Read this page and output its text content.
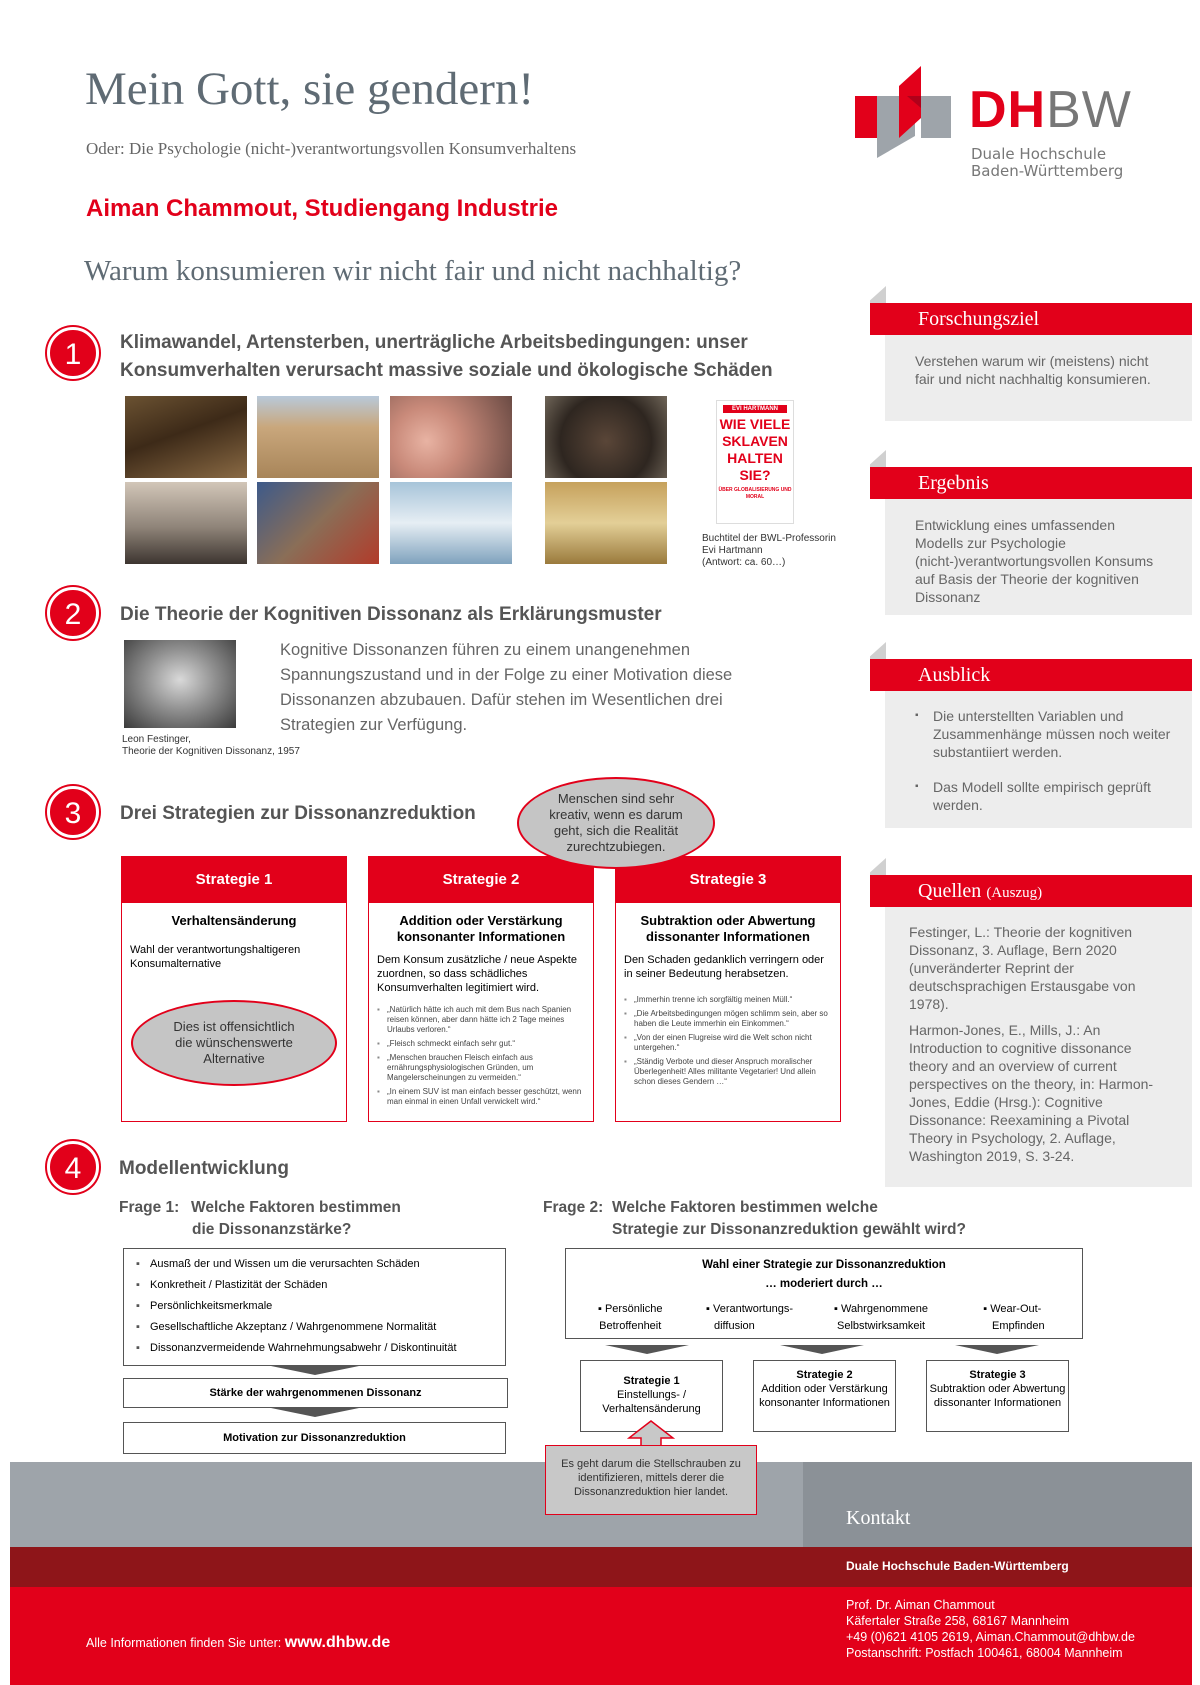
Mein Gott, sie gendern!
Oder: Die Psychologie (nicht-)verantwortungsvollen Konsumverhaltens
Aiman Chammout, Studiengang Industrie
Warum konsumieren wir nicht fair und nicht nachhaltig?
DHBW
Duale Hochschule
Baden-Württemberg
1	Klimawandel, Artensterben, unerträgliche Arbeitsbedingungen: unser
Konsumverhalten verursacht massive soziale und ökologische Schäden
EVI HARTMANN
WIE VIELE
SKLAVEN
HALTEN
SIE?
ÜBER GLOBALISIERUNG UND MORAL
Buchtitel der BWL-Professorin
Evi Hartmann
(Antwort: ca. 60…)
2	Die Theorie der Kognitiven Dissonanz als Erklärungsmuster
Leon Festinger,
Theorie der Kognitiven Dissonanz, 1957
Kognitive Dissonanzen führen zu einem unangenehmen Spannungszustand und in der Folge zu einer Motivation diese Dissonanzen abzubauen. Dafür stehen im Wesentlichen drei Strategien zur Verfügung.
3	Drei Strategien zur Dissonanzreduktion
Strategie 1
Verhaltensänderung
Wahl der verantwortungshaltigeren Konsumalternative
Dies ist offensichtlich die wünschenswerte Alternative
Strategie 2
Addition oder Verstärkung konsonanter Informationen
Dem Konsum zusätzliche / neue Aspekte zuordnen, so dass schädliches Konsumverhalten legitimiert wird.
▪ „Natürlich hätte ich auch mit dem Bus nach Spanien reisen können, aber dann hätte ich 2 Tage meines Urlaubs verloren.“
▪ „Fleisch schmeckt einfach sehr gut.“
▪ „Menschen brauchen Fleisch einfach aus ernährungsphysiologischen Gründen, um Mangelerscheinungen zu vermeiden.“
▪ „In einem SUV ist man einfach besser geschützt, wenn man einmal in einen Unfall verwickelt wird.“
Strategie 3
Subtraktion oder Abwertung dissonanter Informationen
Den Schaden gedanklich verringern oder in seiner Bedeutung herabsetzen.
▪ „Immerhin trenne ich sorgfältig meinen Müll.“
▪ „Die Arbeitsbedingungen mögen schlimm sein, aber so haben die Leute immerhin ein Einkommen.“
▪ „Von der einen Flugreise wird die Welt schon nicht untergehen.“
▪ „Ständig Verbote und dieser Anspruch moralischer Überlegenheit! Alles militante Vegetarier! Und allein schon dieses Gendern …“
Menschen sind sehr kreativ, wenn es darum geht, sich die Realität zurechtzubiegen.
4	Modellentwicklung
Frage 1: Welche Faktoren bestimmen
die Dissonanzstärke?
▪ Ausmaß der und Wissen um die verursachten Schäden
▪ Konkretheit / Plastizität der Schäden
▪ Persönlichkeitsmerkmale
▪ Gesellschaftliche Akzeptanz / Wahrgenommene Normalität
▪ Dissonanzvermeidende Wahrnehmungsabwehr / Diskontinuität
Stärke der wahrgenommenen Dissonanz
Motivation zur Dissonanzreduktion
Frage 2: Welche Faktoren bestimmen welche
Strategie zur Dissonanzreduktion gewählt wird?
Wahl einer Strategie zur Dissonanzreduktion
… moderiert durch …
▪ Persönliche
Betroffenheit
▪ Verantwortungs-
diffusion
▪ Wahrgenommene
Selbstwirksamkeit
▪ Wear-Out-
Empfinden
Strategie 1
Einstellungs- / Verhaltensänderung
Strategie 2
Addition oder Verstärkung konsonanter Informationen
Strategie 3
Subtraktion oder Abwertung dissonanter Informationen
Kontakt
Duale Hochschule Baden-Württemberg
Alle Informationen finden Sie unter: www.dhbw.de
Prof. Dr. Aiman Chammout
Käfertaler Straße 258, 68167 Mannheim
+49 (0)621 4105 2619, Aiman.Chammout@dhbw.de
Postanschrift: Postfach 100461, 68004 Mannheim
Es geht darum die Stellschrauben zu identifizieren, mittels derer die Dissonanzreduktion hier landet.
Forschungsziel
Verstehen warum wir (meistens) nicht fair und nicht nachhaltig konsumieren.
Ergebnis
Entwicklung eines umfassenden Modells zur Psychologie (nicht-)verantwortungsvollen Konsums auf Basis der Theorie der kognitiven Dissonanz
Ausblick
▪ Die unterstellten Variablen und Zusammenhänge müssen noch weiter substantiiert werden.
▪ Das Modell sollte empirisch geprüft werden.
Quellen (Auszug)
Festinger, L.: Theorie der kognitiven Dissonanz, 3. Auflage, Bern 2020 (unveränderter Reprint der deutschsprachigen Erstausgabe von 1978).
Harmon-Jones, E., Mills, J.: An Introduction to cognitive dissonance theory and an overview of current perspectives on the theory, in: Harmon-Jones, Eddie (Hrsg.): Cognitive Dissonance: Reexamining a Pivotal Theory in Psychology, 2. Auflage, Washington 2019, S. 3-24.
